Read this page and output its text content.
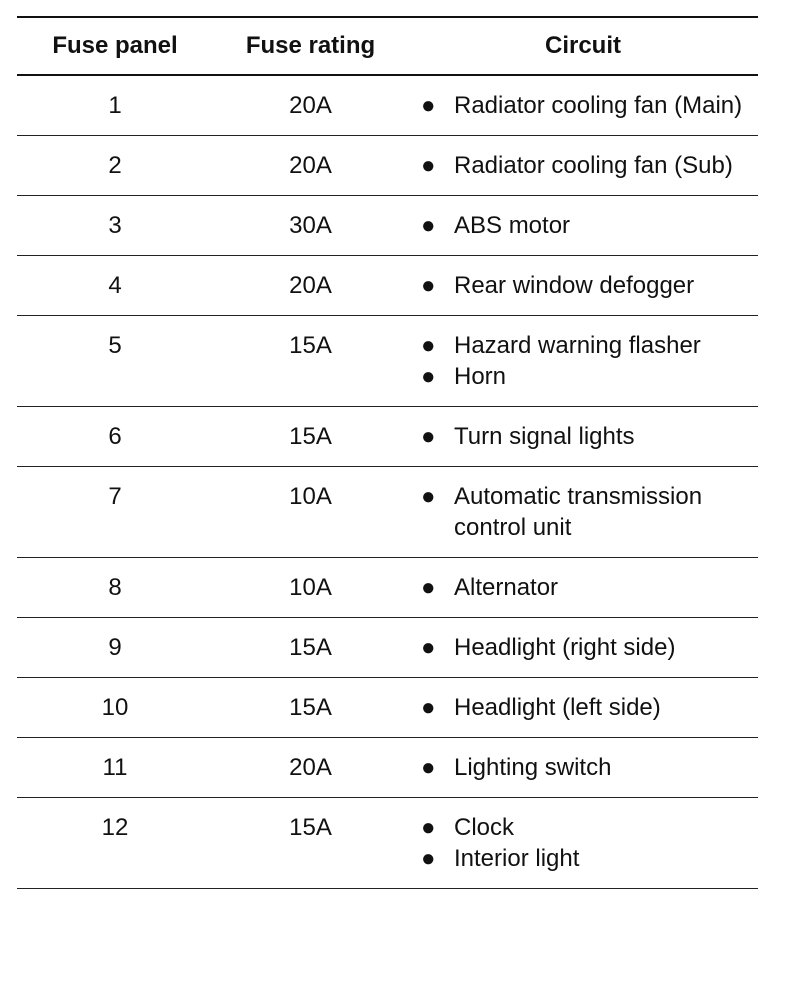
Fuse panel	Fuse rating	Circuit
1	20A	● Radiator cooling fan (Main)
2	20A	● Radiator cooling fan (Sub)
3	30A	● ABS motor
4	20A	● Rear window defogger
5	15A	● Hazard warning flasher
● Horn
6	15A	● Turn signal lights
7	10A	● Automatic transmission control unit
8	10A	● Alternator
9	15A	● Headlight (right side)
10	15A	● Headlight (left side)
11	20A	● Lighting switch
12	15A	● Clock
● Interior light
